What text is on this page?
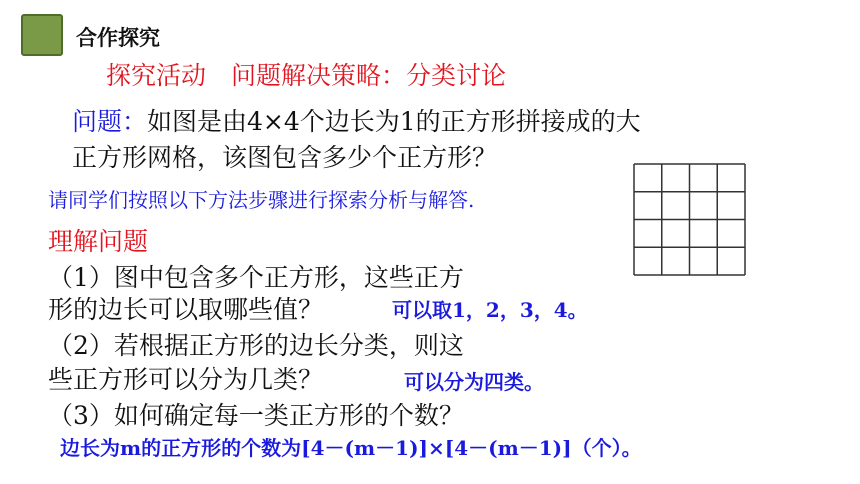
合作探究
探究活动　问题解决策略：分类讨论
问题：如图是由4×4个边长为1的正方形拼接成的大
正方形网格，该图包含多少个正方形？
请同学们按照以下方法步骤进行探索分析与解答.
理解问题
（1）图中包含多个正方形，这些正方
形的边长可以取哪些值？	可以取1，2，3，4。
（2）若根据正方形的边长分类，则这
些正方形可以分为几类？	可以分为四类。
（3）如何确定每一类正方形的个数？
边长为m的正方形的个数为[4－(m－1)]×[4－(m－1)]（个）。
